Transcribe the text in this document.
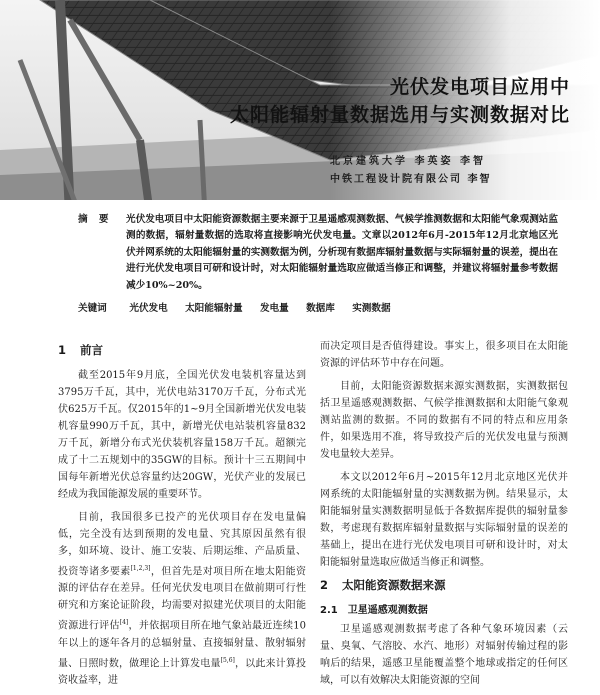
光伏发电项目应用中
太阳能辐射量数据选用与实测数据对比
北京建筑大学 李英姿 李智
中铁工程设计院有限公司 李智
摘 要	光伏发电项目中太阳能资源数据主要来源于卫星遥感观测数据、气候学推测数据和太阳能气象观测站监测的数据，辐射量数据的选取将直接影响光伏发电量。文章以2012年6月-2015年12月北京地区光伏并网系统的太阳能辐射量的实测数据为例，分析现有数据库辐射量数据与实际辐射量的误差，提出在进行光伏发电项目可研和设计时，对太阳能辐射量选取应做适当修正和调整，并建议将辐射量参考数据减少10%~20%。
关键词 光伏发电 太阳能辐射量 发电量 数据库 实测数据
1 前言

截至2015年9月底，全国光伏发电装机容量达到3795万千瓦，其中，光伏电站3170万千瓦，分布式光伏625万千瓦。仅2015年的1~9月全国新增光伏发电装机容量990万千瓦，其中，新增光伏电站装机容量832万千瓦，新增分布式光伏装机容量158万千瓦。超额完成了十二五规划中的35GW的目标。预计十三五期间中国每年新增光伏总容量约达20GW，光伏产业的发展已经成为我国能源发展的重要环节。

目前，我国很多已投产的光伏项目存在发电量偏低，完全没有达到预期的发电量、究其原因虽然有很多，如环境、设计、施工安装、后期运维、产品质量、投资等诸多要素[1,2,3]，但首先是对项目所在地太阳能资源的评估存在差异。任何光伏发电项目在做前期可行性研究和方案论证阶段，均需要对拟建光伏项目的太阳能资源进行评估[4]，并依据项目所在地气象站最近连续10年以上的逐年各月的总辐射量、直接辐射量、散射辐射量、日照时数，做理论上计算发电量[5,6]，以此来计算投资收益率，进

而决定项目是否值得建设。事实上，很多项目在太阳能资源的评估环节中存在问题。

目前，太阳能资源数据来源实测数据，实测数据包括卫星遥感观测数据、气候学推测数据和太阳能气象观测站监测的数据。不同的数据有不同的特点和应用条件，如果选用不准，将导致投产后的光伏发电量与预测发电量较大差异。

本文以2012年6月~2015年12月北京地区光伏并网系统的太阳能辐射量的实测数据为例。结果显示，太阳能辐射量实测数据明显低于各数据库提供的辐射量参数，考虑现有数据库辐射量数据与实际辐射量的误差的基础上，提出在进行光伏发电项目可研和设计时，对太阳能辐射量选取应做适当修正和调整。

2 太阳能资源数据来源
2.1 卫星遥感观测数据

卫星遥感观测数据考虑了各种气象环境因素（云量、臭氧、气溶胶、水汽、地形）对辐射传输过程的影响后的结果，遥感卫星能覆盖整个地球或指定的任何区域，可以有效解决太阳能资源的空间
